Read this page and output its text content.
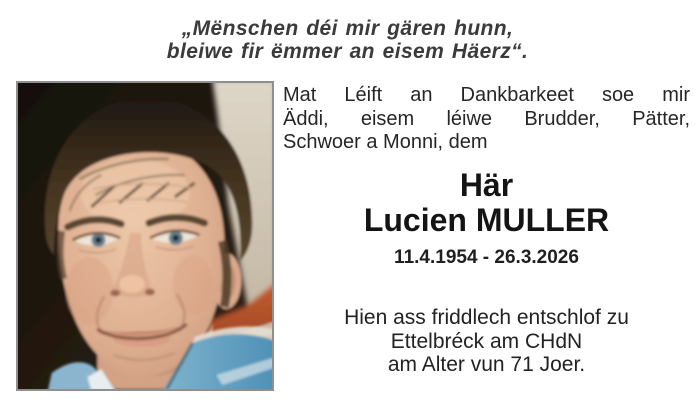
„Mënschen déi mir gären hunn,
bleiwe fir ëmmer an eisem Häerz“.
Mat Léift an Dankbarkeet soe mir
Äddi, eisem léiwe Brudder, Pätter,
Schwoer a Monni, dem
Här
Lucien MULLER
11.4.1954 - 26.3.2026
Hien ass friddlech entschlof zu
Ettelbréck am CHdN
am Alter vun 71 Joer.
